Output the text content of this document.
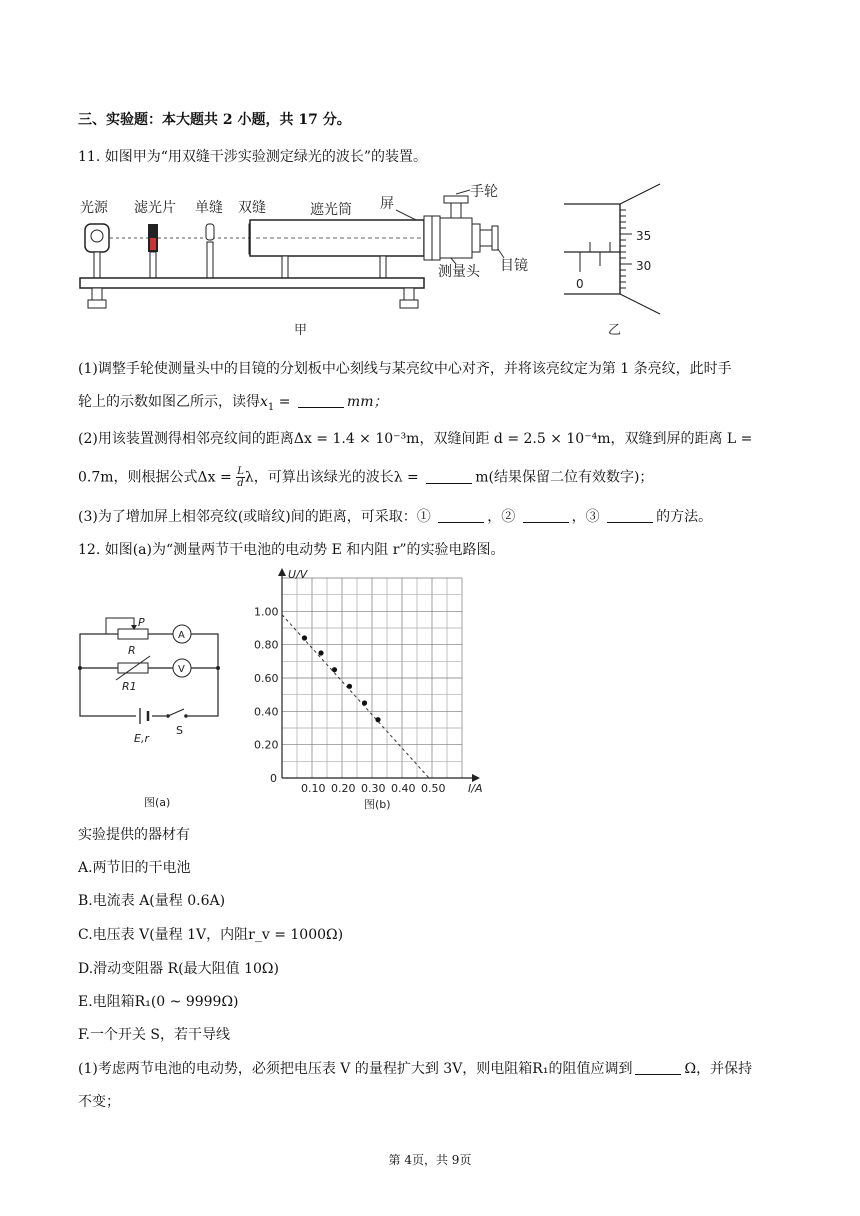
三、实验题：本大题共 2 小题，共 17 分。
11. 如图甲为“用双缝干涉实验测定绿光的波长”的装置。
光源 滤光片 单缝 双缝	遮光筒 屏
手轮
测量头 目镜
甲
0
35
30
乙
(1)调整手轮使测量头中的目镜的分划板中心刻线与某亮纹中心对齐，并将该亮纹定为第 1 条亮纹，此时手
轮上的示数如图乙所示，读得$x_1$ =	mm；
(2)用该装置测得相邻亮纹间的距离Δx = 1.4 × 10⁻³m，双缝间距 d = 2.5 × 10⁻⁴m，双缝到屏的距离 L =
0.7m，则根据公式$\Delta x = \frac{L}{d}$ λ，可算出该绿光的波长λ =	m(结果保留二位有效数字)；
(3)为了增加屏上相邻亮纹(或暗纹)间的距离，可采取：①	，②	，③	的方法。
12. 如图(a)为“测量两节干电池的电动势 E 和内阻 r”的实验电路图。
P
R
A
R1
V
E,r
S
图(a)
U/V
I/A
0
0.10 0.20 0.30 0.40 0.50
0.20
0.40
0.60
0.80
1.00
图(b)
实验提供的器材有
A.两节旧的干电池
B.电流表 A(量程 0.6A)
C.电压表 V(量程 1V，内阻r_v = 1000Ω)
D.滑动变阻器 R(最大阻值 10Ω)
E.电阻箱R₁(0 ~ 9999Ω)
F.一个开关 S，若干导线
(1)考虑两节电池的电动势，必须把电压表 V 的量程扩大到 3V，则电阻箱R₁的阻值应调到	Ω，并保持
不变；
第 4页，共 9页
